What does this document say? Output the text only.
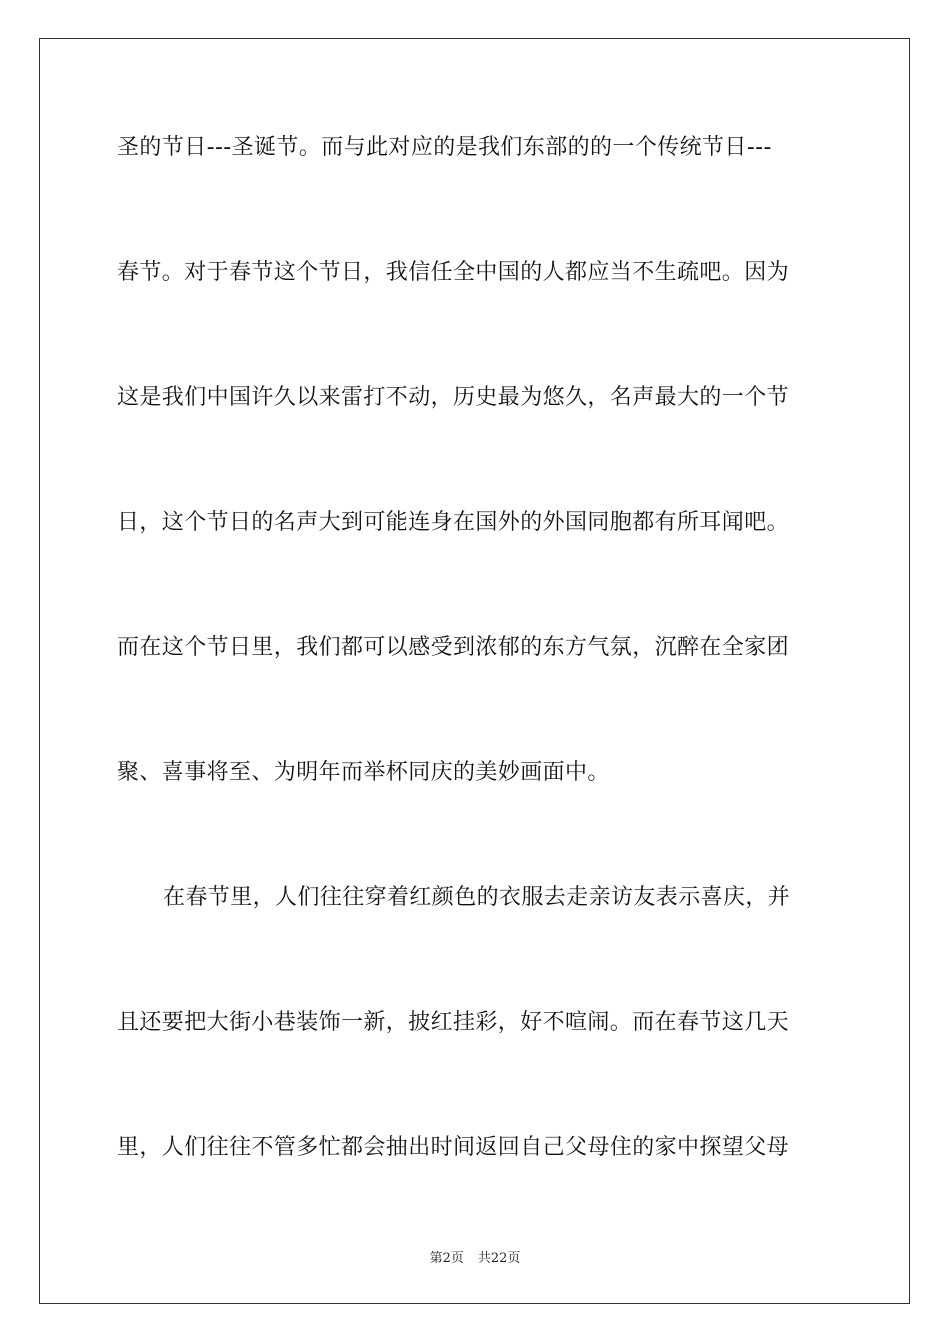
圣的节日---圣诞节。而与此对应的是我们东部的的一个传统节日---
春节。对于春节这个节日，我信任全中国的人都应当不生疏吧。因为
这是我们中国许久以来雷打不动，历史最为悠久，名声最大的一个节
日，这个节日的名声大到可能连身在国外的外国同胞都有所耳闻吧。
而在这个节日里，我们都可以感受到浓郁的东方气氛，沉醉在全家团
聚、喜事将至、为明年而举杯同庆的美妙画面中。
在春节里，人们往往穿着红颜色的衣服去走亲访友表示喜庆，并
且还要把大街小巷装饰一新，披红挂彩，好不喧闹。而在春节这几天
里，人们往往不管多忙都会抽出时间返回自己父母住的家中探望父母
第2页 共22页
